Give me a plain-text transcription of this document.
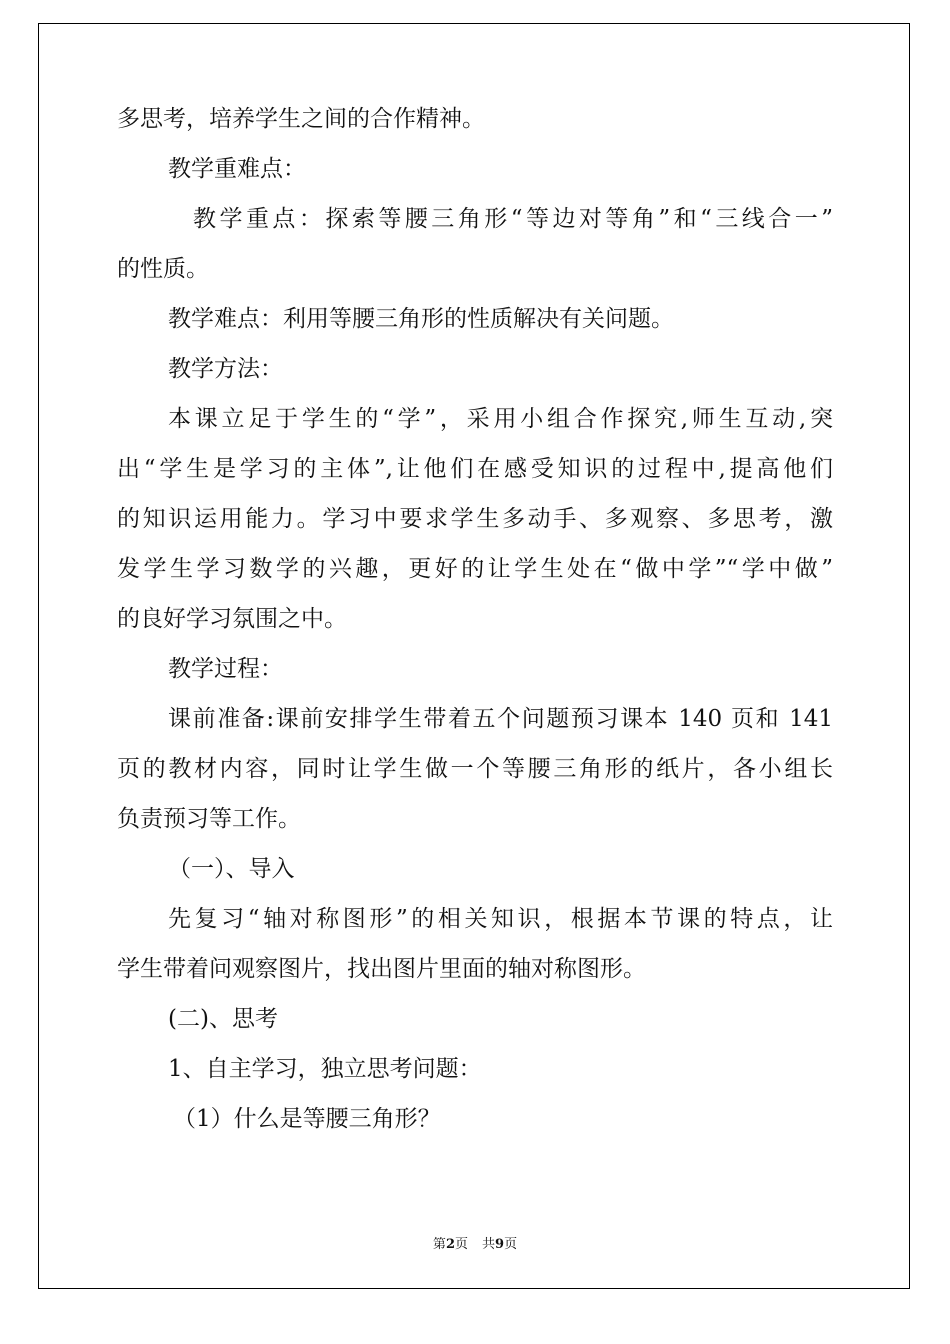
多思考，培养学生之间的合作精神。
教学重难点：
教学重点：探索等腰三角形“等边对等角”和“三线合一”
的性质。
教学难点：利用等腰三角形的性质解决有关问题。
教学方法：
本课立足于学生的“学”，采用小组合作探究,师生互动,突
出“学生是学习的主体”,让他们在感受知识的过程中,提高他们
的知识运用能力。学习中要求学生多动手、多观察、多思考，激
发学生学习数学的兴趣，更好的让学生处在“做中学”“学中做”
的良好学习氛围之中。
教学过程：
课前准备:课前安排学生带着五个问题预习课本 140 页和 141
页的教材内容，同时让学生做一个等腰三角形的纸片，各小组长
负责预习等工作。
（一）、导入
先复习“轴对称图形”的相关知识，根据本节课的特点，让
学生带着问观察图片，找出图片里面的轴对称图形。
(二)、思考
1、自主学习，独立思考问题：
（1）什么是等腰三角形？
第2页 共9页
